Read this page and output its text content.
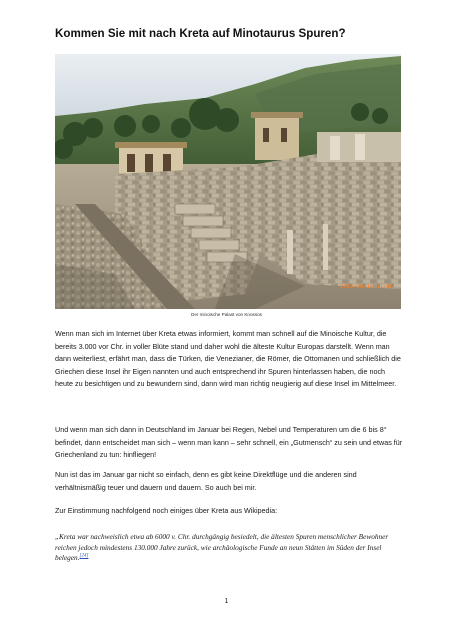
Kommen Sie mit nach Kreta auf Minotaurus Spuren?
2012/06/14 11:45
Der minoische Palast von Knossos

Wenn man sich im Internet über Kreta etwas informiert, kommt man schnell auf die Minoische Kultur, die bereits 3.000 vor Chr. in voller Blüte stand und daher wohl die älteste Kultur Europas darstellt. Wenn man dann weiterliest, erfährt man, dass die Türken, die Venezianer, die Römer, die Ottomanen und schließlich die Griechen diese Insel ihr Eigen nannten und auch entsprechend ihr Spuren hinterlassen haben, die noch heute zu besichtigen und zu bewundern sind, dann wird man richtig neugierig auf diese Insel im Mittelmeer.

Und wenn man sich dann in Deutschland im Januar bei Regen, Nebel und Temperaturen um die 6 bis 8° befindet, dann entscheidet man sich – wenn man kann – sehr schnell, ein „Gutmensch“ zu sein und etwas für Griechenland zu tun: hinfliegen!

Nun ist das im Januar gar nicht so einfach, denn es gibt keine Direktflüge und die anderen sind verhältnismäßig teuer und dauern und dauern. So auch bei mir.

Zur Einstimmung nachfolgend noch einiges über Kreta aus Wikipedia:

„Kreta war nachweislich etwa ab 6000 v. Chr. durchgängig besiedelt, die ältesten Spuren menschlicher Bewohner reichen jedoch mindestens 130.000 Jahre zurück, wie archäologische Funde an neun Stätten im Süden der Insel belegen.[24]

1
